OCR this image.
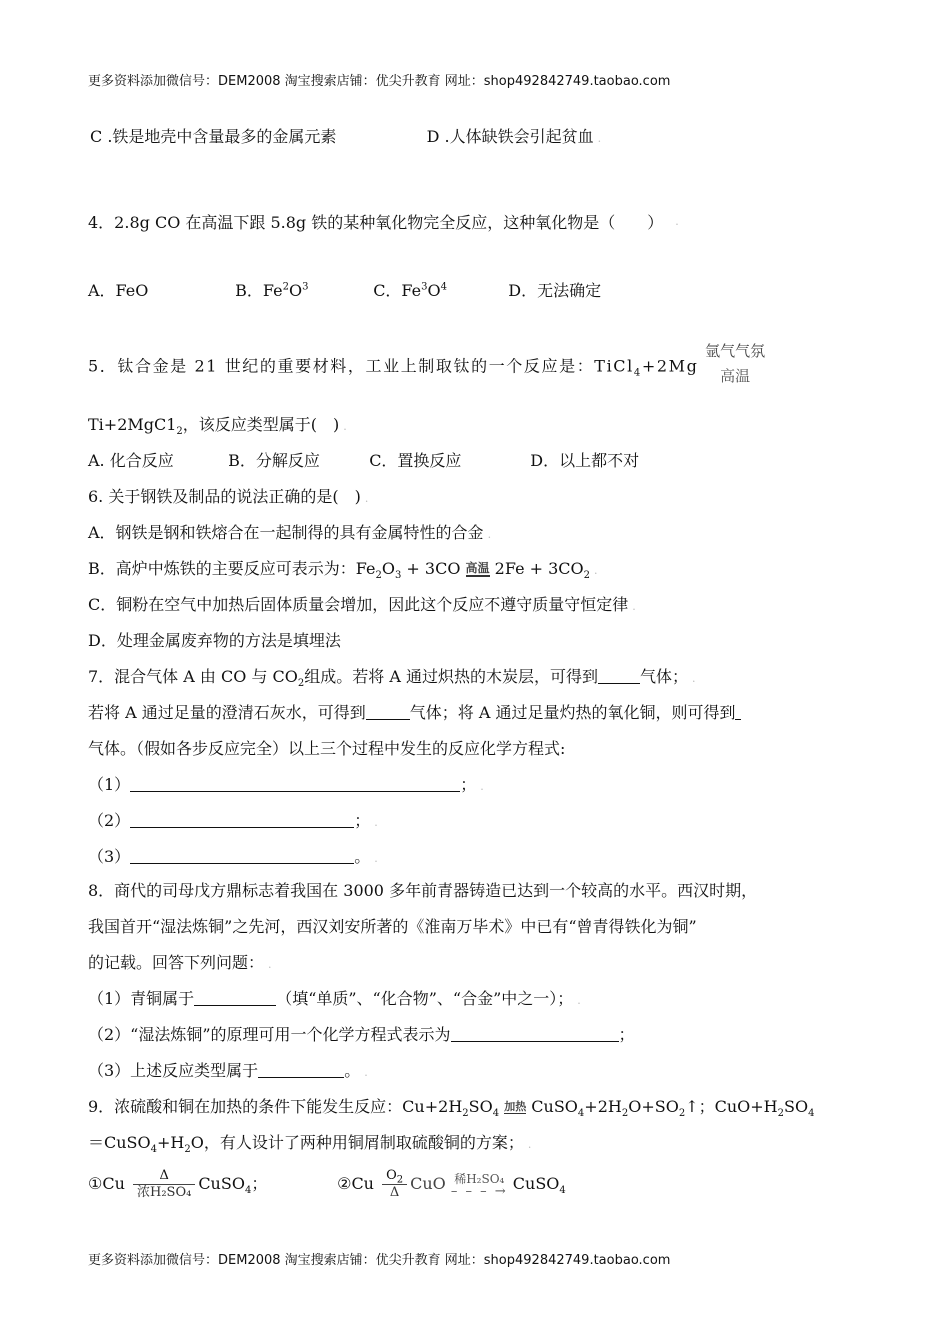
更多资料添加微信号：DEM2008 淘宝搜索店铺：优尖升教育 网址：shop492842749.taobao.com
C .铁是地壳中含量最多的金属元素	D .人体缺铁会引起贫血 .
4．2.8g CO 在高温下跟 5.8g 铁的某种氧化物完全反应，这种氧化物是（　　） ·
A．FeO	B．$Fe^2O^3$	C．$Fe^3O^4$	D．无法确定
5．钛合金是 21 世纪的重要材料，工业上制取钛的一个反应是：TiCl$_4$+2Mg
氩气气氛
高温
$Ti+2MgC1_2$，该反应类型属于(　) .
A. 化合反应	B．分解反应	C．置换反应	D．以上都不对
6. 关于钢铁及制品的说法正确的是(　) .
A．钢铁是钢和铁熔合在一起制得的具有金属特性的合金 .
B．高炉中炼铁的主要反应可表示为：$Fe_2O_3 + 3CO$ 高温 $2Fe + 3CO_2$ .
C．铜粉在空气中加热后固体质量会增加，因此这个反应不遵守质量守恒定律 .
D．处理金属废弃物的方法是填埋法
7．混合气体 A 由 CO 与 $CO_2$组成。若将 A 通过炽热的木炭层，可得到	气体； .
若将 A 通过足量的澄清石灰水，可得到	气体；将 A 通过足量灼热的氧化铜，则可得到
气体。（假如各步反应完全）以上三个过程中发生的反应化学方程式:
（1）	； .
（2）	； .
（3）	。 .
8．商代的司母戊方鼎标志着我国在 3000 多年前青器铸造已达到一个较高的水平。西汉时期，
我国首开“湿法炼铜”之先河，西汉刘安所著的《淮南万毕术》中已有“曾青得铁化为铜”
的记载。回答下列问题： .
（1）青铜属于	（填“单质”、“化合物”、“合金”中之一）； .
（2）“湿法炼铜”的原理可用一个化学方程式表示为	；
（3）上述反应类型属于	。 .
9．浓硫酸和铜在加热的条件下能发生反应：$Cu+2H_2SO_4$
加热 $CuSO_4+2H_2O+SO_2↑$；$CuO+H_2SO_4$
$=CuSO_4+H_2O$，有人设计了两种用铜屑制取硫酸铜的方案； .
①Cu $\frac{\Delta}{\text{浓H₂SO₄}}$ CuSO$_4$；	②Cu $\frac{O_2}{\Delta}$ CuO 稀H₂SO₄
– – – → CuSO$_4$
更多资料添加微信号：DEM2008 淘宝搜索店铺：优尖升教育 网址：shop492842749.taobao.com
